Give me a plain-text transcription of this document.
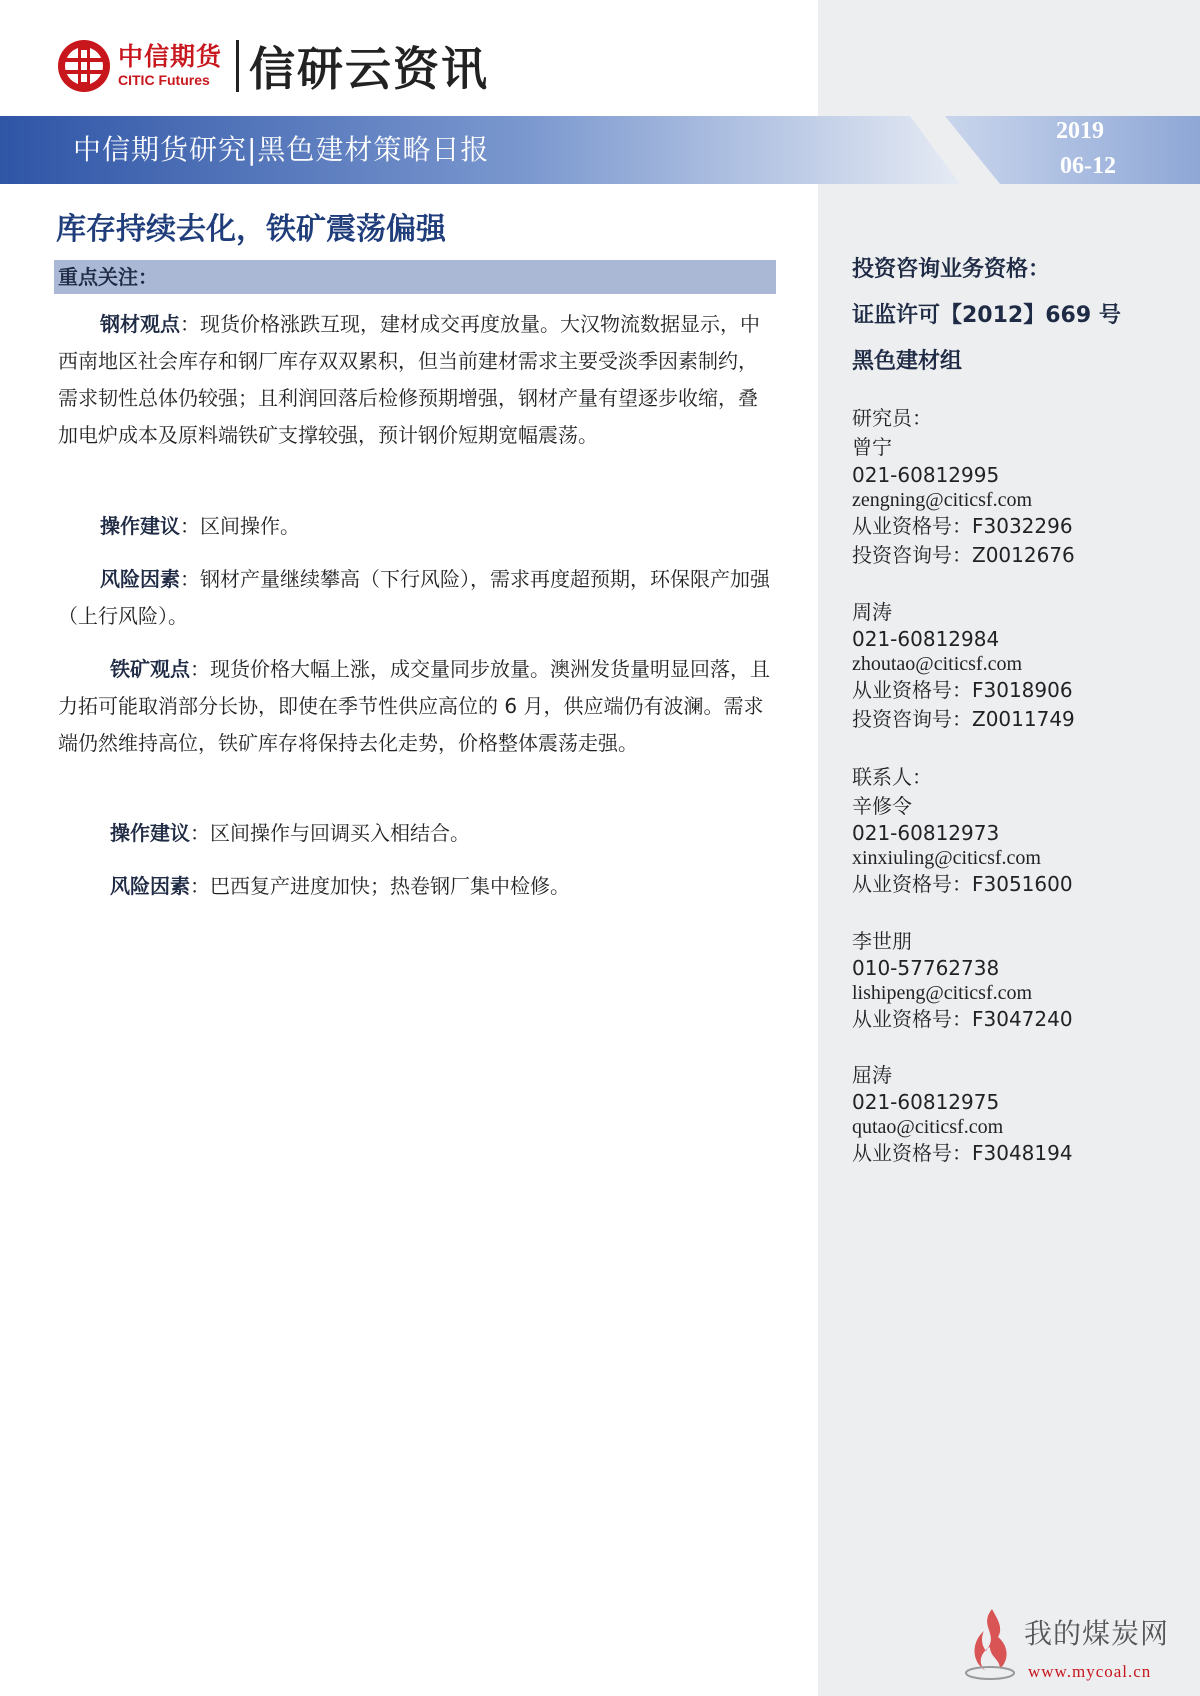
中信期货
CITIC Futures 信研云资讯
中信期货研究|黑色建材策略日报
2019
06-12
库存持续去化，铁矿震荡偏强
重点关注：

钢材观点：现货价格涨跌互现，建材成交再度放量。大汉物流数据显示，中西南地区社会库存和钢厂库存双双累积，但当前建材需求主要受淡季因素制约，需求韧性总体仍较强；且利润回落后检修预期增强，钢材产量有望逐步收缩，叠加电炉成本及原料端铁矿支撑较强，预计钢价短期宽幅震荡。

操作建议：区间操作。

风险因素：钢材产量继续攀高（下行风险），需求再度超预期，环保限产加强（上行风险）。

铁矿观点：现货价格大幅上涨，成交量同步放量。澳洲发货量明显回落，且力拓可能取消部分长协，即使在季节性供应高位的 6 月，供应端仍有波澜。需求端仍然维持高位，铁矿库存将保持去化走势，价格整体震荡走强。

操作建议：区间操作与回调买入相结合。

风险因素：巴西复产进度加快；热卷钢厂集中检修。

投资咨询业务资格：
证监许可【2012】669 号
黑色建材组
研究员：
曾宁
021-60812995
zengning@citicsf.com
从业资格号：F3032296
投资咨询号：Z0012676
周涛
021-60812984
zhoutao@citicsf.com
从业资格号：F3018906
投资咨询号：Z0011749
联系人：
辛修令
021-60812973
xinxiuling@citicsf.com
从业资格号：F3051600
李世朋
010-57762738
lishipeng@citicsf.com
从业资格号：F3047240
屈涛
021-60812975
qutao@citicsf.com
从业资格号：F3048194
我的煤炭网
www.mycoal.cn
